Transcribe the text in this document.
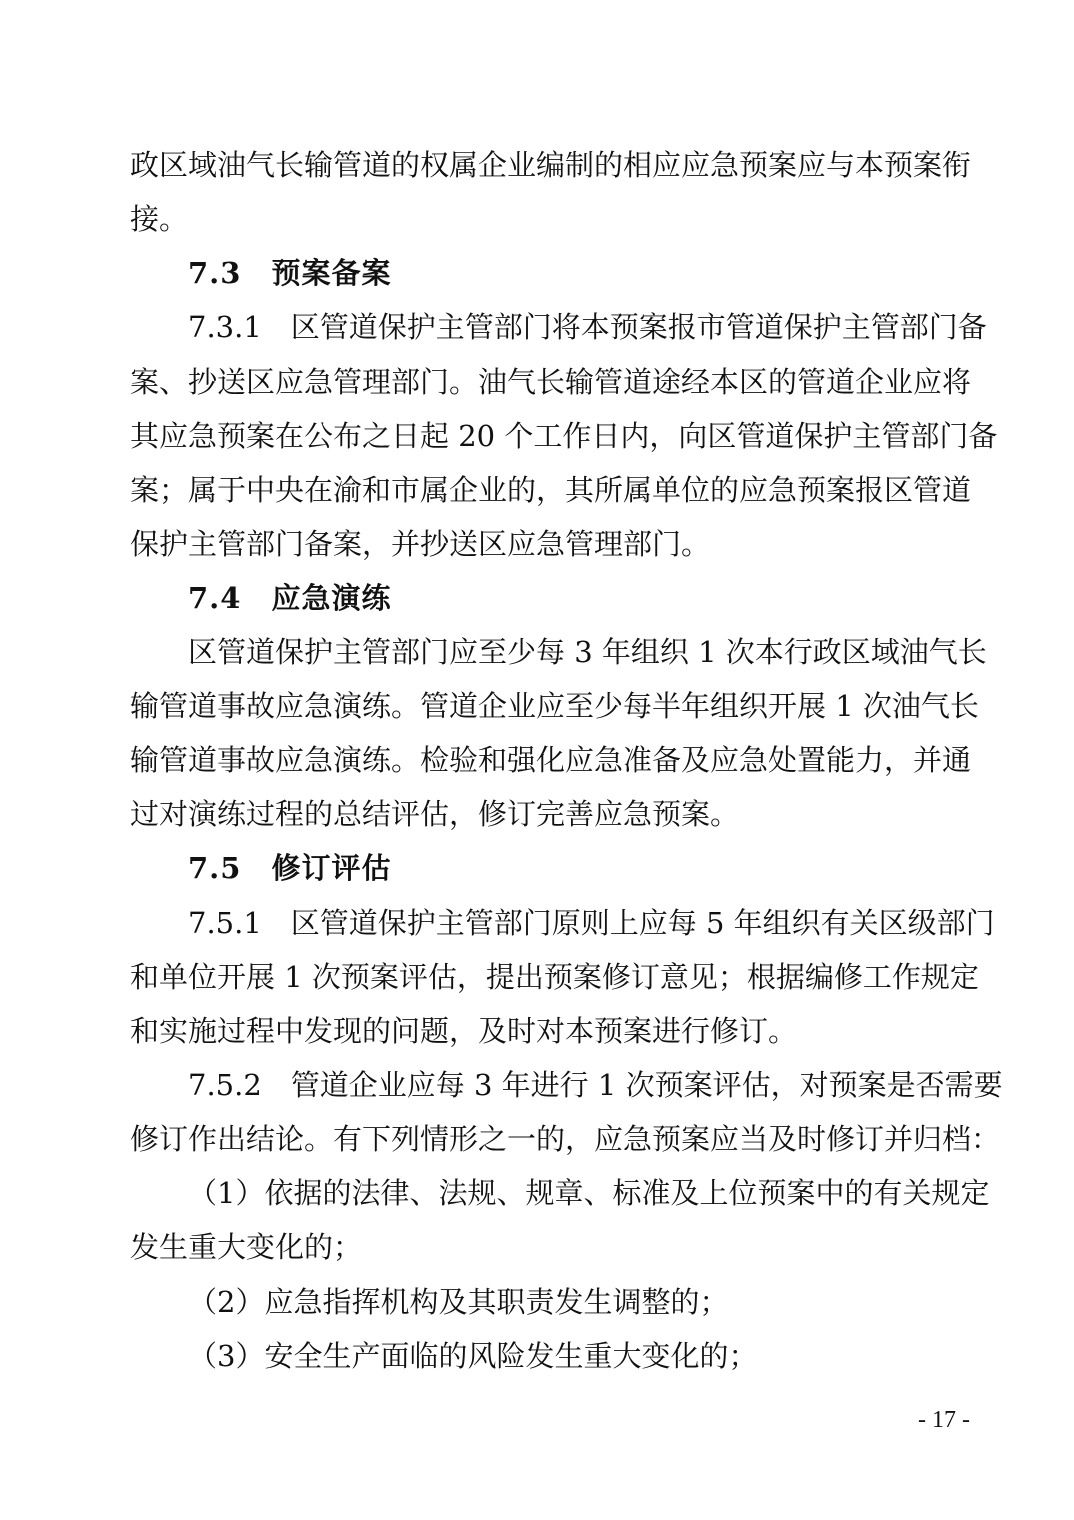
政区域油气长输管道的权属企业编制的相应应急预案应与本预案衔
接。
7.3　预案备案
7.3.1　区管道保护主管部门将本预案报市管道保护主管部门备
案、抄送区应急管理部门。油气长输管道途经本区的管道企业应将
其应急预案在公布之日起 20 个工作日内，向区管道保护主管部门备
案；属于中央在渝和市属企业的，其所属单位的应急预案报区管道
保护主管部门备案，并抄送区应急管理部门。
7.4　应急演练
区管道保护主管部门应至少每 3 年组织 1 次本行政区域油气长
输管道事故应急演练。管道企业应至少每半年组织开展 1 次油气长
输管道事故应急演练。检验和强化应急准备及应急处置能力，并通
过对演练过程的总结评估，修订完善应急预案。
7.5　修订评估
7.5.1　区管道保护主管部门原则上应每 5 年组织有关区级部门
和单位开展 1 次预案评估，提出预案修订意见；根据编修工作规定
和实施过程中发现的问题，及时对本预案进行修订。
7.5.2　管道企业应每 3 年进行 1 次预案评估，对预案是否需要
修订作出结论。有下列情形之一的，应急预案应当及时修订并归档：
（1）依据的法律、法规、规章、标准及上位预案中的有关规定
发生重大变化的；
（2）应急指挥机构及其职责发生调整的；
（3）安全生产面临的风险发生重大变化的；
- 17 -
